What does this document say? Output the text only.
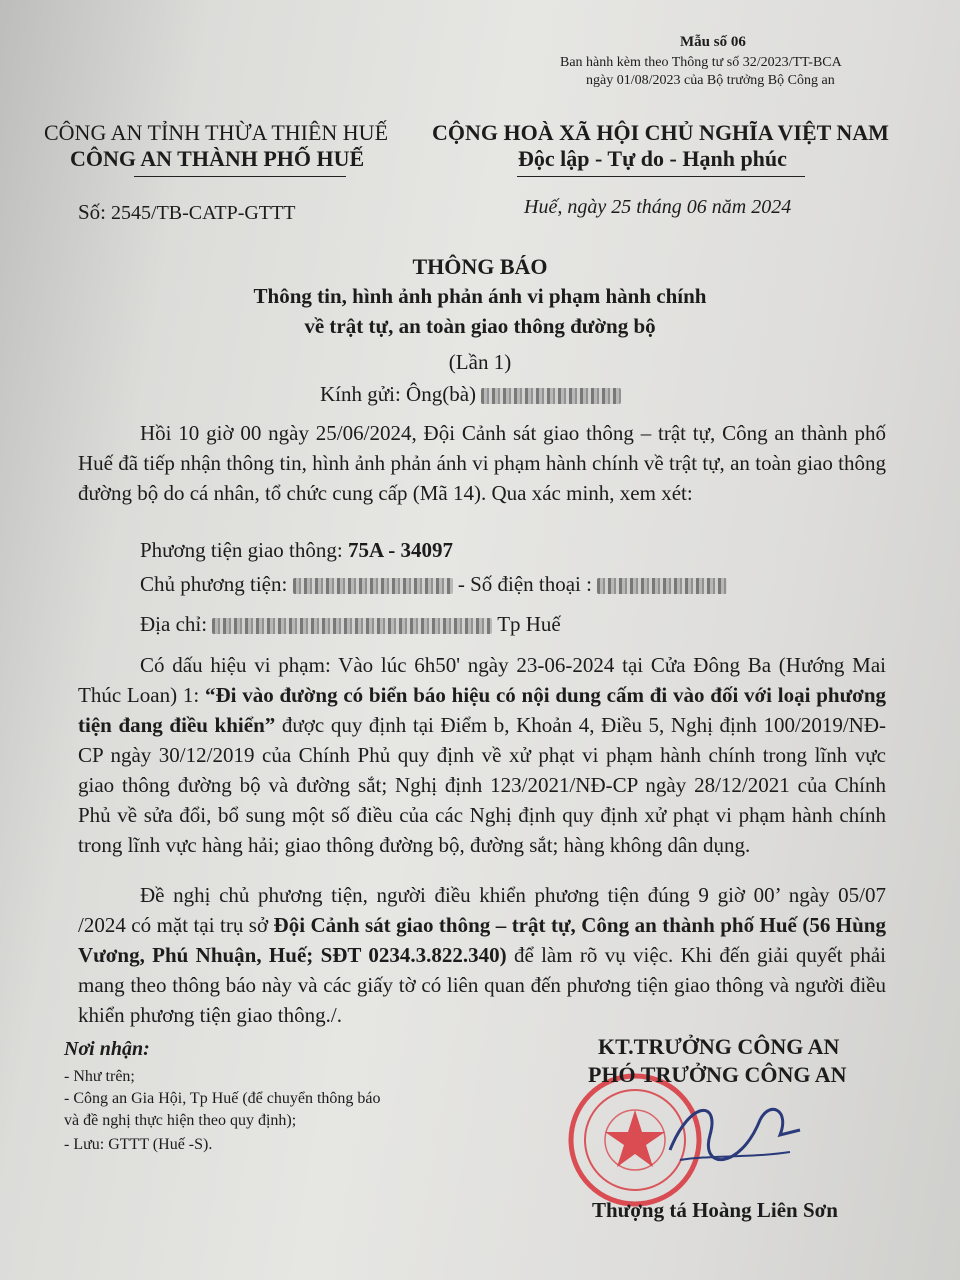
Mẫu số 06
Ban hành kèm theo Thông tư số 32/2023/TT-BCA
ngày 01/08/2023 của Bộ trưởng Bộ Công an
CÔNG AN TỈNH THỪA THIÊN HUẾ
CÔNG AN THÀNH PHỐ HUẾ
CỘNG HOÀ XÃ HỘI CHỦ NGHĨA VIỆT NAM
Độc lập - Tự do - Hạnh phúc
Số: 2545/TB-CATP-GTTT	Huế, ngày 25 tháng 06 năm 2024
THÔNG BÁO
Thông tin, hình ảnh phản ánh vi phạm hành chính
về trật tự, an toàn giao thông đường bộ
(Lần 1)
Kính gửi: Ông(bà)
Hồi 10 giờ 00 ngày 25/06/2024, Đội Cảnh sát giao thông – trật tự, Công an thành phố Huế đã tiếp nhận thông tin, hình ảnh phản ánh vi phạm hành chính về trật tự, an toàn giao thông đường bộ do cá nhân, tổ chức cung cấp (Mã 14). Qua xác minh, xem xét:
Phương tiện giao thông: 75A - 34097
Chủ phương tiện:	- Số điện thoại :
Địa chỉ:	Tp Huế
Có dấu hiệu vi phạm: Vào lúc 6h50' ngày 23-06-2024 tại Cửa Đông Ba (Hướng Mai Thúc Loan) 1: “Đi vào đường có biển báo hiệu có nội dung cấm đi vào đối với loại phương tiện đang điều khiển” được quy định tại Điểm b, Khoản 4, Điều 5, Nghị định 100/2019/NĐ-CP ngày 30/12/2019 của Chính Phủ quy định về xử phạt vi phạm hành chính trong lĩnh vực giao thông đường bộ và đường sắt; Nghị định 123/2021/NĐ-CP ngày 28/12/2021 của Chính Phủ về sửa đổi, bổ sung một số điều của các Nghị định quy định xử phạt vi phạm hành chính trong lĩnh vực hàng hải; giao thông đường bộ, đường sắt; hàng không dân dụng.
Đề nghị chủ phương tiện, người điều khiển phương tiện đúng 9 giờ 00’ ngày 05/07 /2024 có mặt tại trụ sở Đội Cảnh sát giao thông – trật tự, Công an thành phố Huế (56 Hùng Vương, Phú Nhuận, Huế; SĐT 0234.3.822.340) để làm rõ vụ việc. Khi đến giải quyết phải mang theo thông báo này và các giấy tờ có liên quan đến phương tiện giao thông và người điều khiển phương tiện giao thông./.
Nơi nhận:
- Như trên;
- Công an Gia Hội, Tp Huế (để chuyển thông báo
và đề nghị thực hiện theo quy định);
- Lưu: GTTT (Huế -S).
KT.TRƯỞNG CÔNG AN
PHÓ TRƯỞNG CÔNG AN
Thượng tá Hoàng Liên Sơn
